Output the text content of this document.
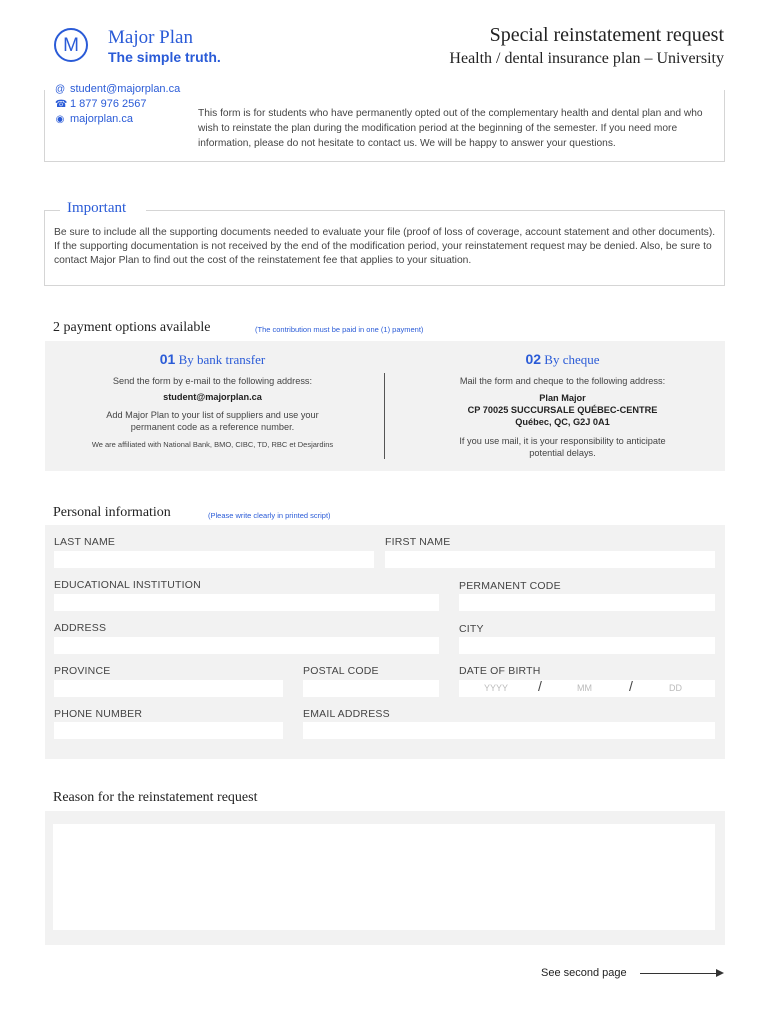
M Major Plan
The simple truth.
Special reinstatement request
Health / dental insurance plan – University
@ student@majorplan.ca
☎ 1 877 976 2567
◉ majorplan.ca	This form is for students who have permanently opted out of the complementary health and dental plan and who wish to reinstate the plan during the modification period at the beginning of the semester. If you need more information, please do not hesitate to contact us. We will be happy to answer your questions.
Important
Be sure to include all the supporting documents needed to evaluate your file (proof of loss of coverage, account statement and other documents). If the supporting documentation is not received by the end of the modification period, your reinstatement request may be denied. Also, be sure to contact Major Plan to find out the cost of the reinstatement fee that applies to your situation.
2 payment options available	(The contribution must be paid in one (1) payment)
01 By bank transfer
Send the form by e-mail to the following address:
student@majorplan.ca
Add Major Plan to your list of suppliers and use your permanent code as a reference number.
We are affiliated with National Bank, BMO, CIBC, TD, RBC et Desjardins
02 By cheque
Mail the form and cheque to the following address:
Plan Major
CP 70025 SUCCURSALE QUÉBEC-CENTRE
Québec, QC, G2J 0A1
If you use mail, it is your responsibility to anticipate potential delays.
Personal information	(Please write clearly in printed script)
LAST NAME	FIRST NAME
EDUCATIONAL INSTITUTION	PERMANENT CODE
ADDRESS	CITY
PROVINCE	POSTAL CODE	DATE OF BIRTH
YYYY /	MM	/	DD
PHONE NUMBER	EMAIL ADDRESS
Reason for the reinstatement request
See second page
